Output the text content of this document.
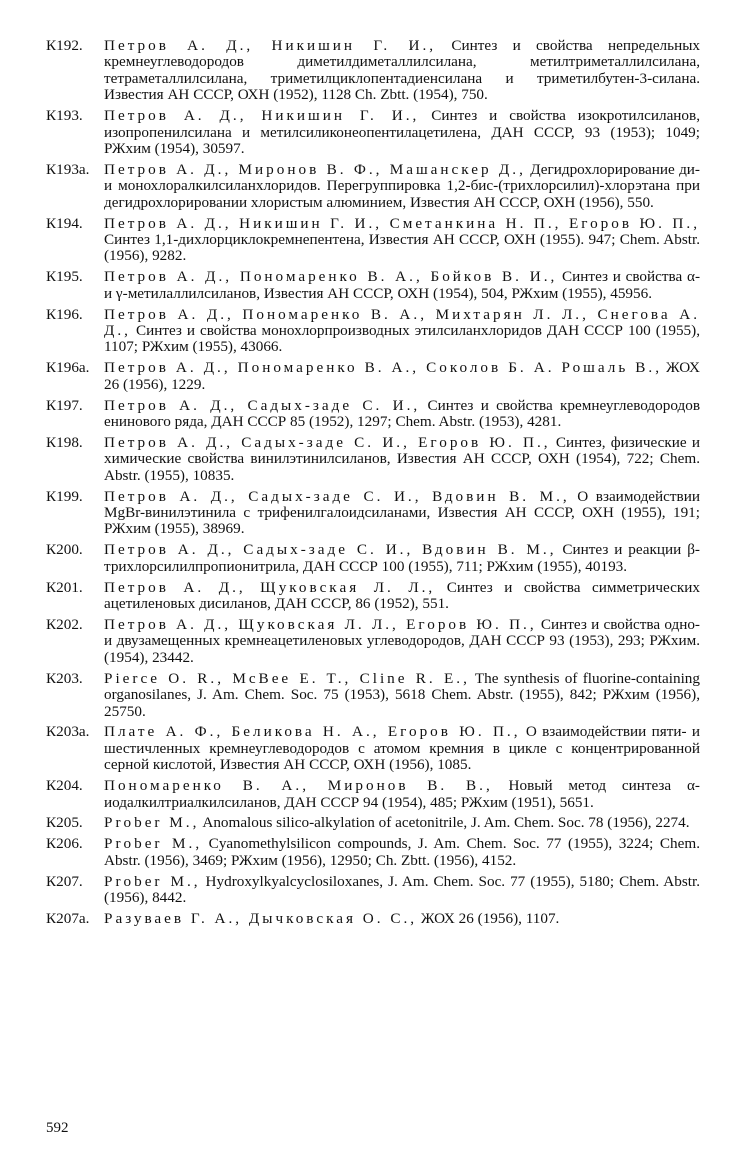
К192.	Петров А. Д., Никишин Г. И., Синтез и свойства непредельных кремнеуглеводородов диметилдиметаллилсилана, метилтриметаллилсилана, тетраметаллилсилана, триметилциклопентадиенсилана и триметилбутен-3-силана. Известия АН СССР, ОХН (1952), 1128 Ch. Zbtt. (1954), 750.
К193.	Петров А. Д., Никишин Г. И., Синтез и свойства изокротилсиланов, изопропенилсилана и метилсиликонеопентилацетилена, ДАН СССР, 93 (1953); 1049; РЖхим (1954), 30597.
К193а. Петров А. Д., Миронов В. Ф., Машанскер Д., Дегидрохлорирование ди- и монохлоралкилсиланхлоридов. Перегруппировка 1,2-бис-(трихлорсилил)-хлорэтана при дегидрохлорировании хлористым алюминием, Известия АН СССР, ОХН (1956), 550.
К194.	Петров А. Д., Никишин Г. И., Сметанкина Н. П., Егоров Ю. П., Синтез 1,1-дихлорциклокремнепентена, Известия АН СССР, ОХН (1955). 947; Chem. Abstr. (1956), 9282.
К195.	Петров А. Д., Пономаренко В. А., Бойков В. И., Синтез и свойства α- и γ-метилаллилсиланов, Известия АН СССР, ОХН (1954), 504, РЖхим (1955), 45956.
К196.	Петров А. Д., Пономаренко В. А., Михтарян Л. Л., Снегова А. Д., Синтез и свойства монохлорпроизводных этилсиланхлоридов ДАН СССР 100 (1955), 1107; РЖхим (1955), 43066.
К196а. Петров А. Д., Пономаренко В. А., Соколов Б. А. Рошаль В., ЖОХ 26 (1956), 1229.
К197.	Петров А. Д., Садых-заде С. И., Синтез и свойства кремнеуглеводородов енинового ряда, ДАН СССР 85 (1952), 1297; Chem. Abstr. (1953), 4281.
К198.	Петров А. Д., Садых-заде С. И., Егоров Ю. П., Синтез, физические и химические свойства винилэтинилсиланов, Известия АН СССР, ОХН (1954), 722; Chem. Abstr. (1955), 10835.
К199.	Петров А. Д., Садых-заде С. И., Вдовин В. М., О взаимодействии MgBr-винилэтинила с трифенилгалоидсиланами, Известия АН СССР, ОХН (1955), 191; РЖхим (1955), 38969.
К200.	Петров А. Д., Садых-заде С. И., Вдовин В. М., Синтез и реакции β-трихлорсилилпропионитрила, ДАН СССР 100 (1955), 711; РЖхим (1955), 40193.
К201.	Петров А. Д., Щуковская Л. Л., Синтез и свойства симметрических ацетиленовых дисиланов, ДАН СССР, 86 (1952), 551.
К202.	Петров А. Д., Щуковская Л. Л., Егоров Ю. П., Синтез и свойства одно- и двузамещенных кремнеацетиленовых углеводородов, ДАН СССР 93 (1953), 293; РЖхим. (1954), 23442.
К203.	Pierce O. R., McBee E. T., Cline R. E., The synthesis of fluorine-containing organosilanes, J. Am. Chem. Soc. 75 (1953), 5618 Chem. Abstr. (1955), 842; РЖхим (1956), 25750.
К203а. Плате А. Ф., Беликова Н. А., Егоров Ю. П., О взаимодействии пяти- и шестичленных кремнеуглеводородов с атомом кремния в цикле с концентрированной серной кислотой, Известия АН СССР, ОХН (1956), 1085.
К204.	Пономаренко В. А., Миронов В. В., Новый метод синтеза α-иодалкилтриалкилсиланов, ДАН СССР 94 (1954), 485; РЖхим (1951), 5651.
К205.	Prober M., Anomalous silico-alkylation of acetonitrile, J. Am. Chem. Soc. 78 (1956), 2274.
К206.	Prober M., Cyanomethylsilicon compounds, J. Am. Chem. Soc. 77 (1955), 3224; Chem. Abstr. (1956), 3469; РЖхим (1956), 12950; Ch. Zbtt. (1956), 4152.
К207.	Prober M., Hydroxylkyalcyclosiloxanes, J. Am. Chem. Soc. 77 (1955), 5180; Chem. Abstr. (1956), 8442.
К207а. Разуваев Г. А., Дычковская О. С., ЖОХ 26 (1956), 1107.
592
